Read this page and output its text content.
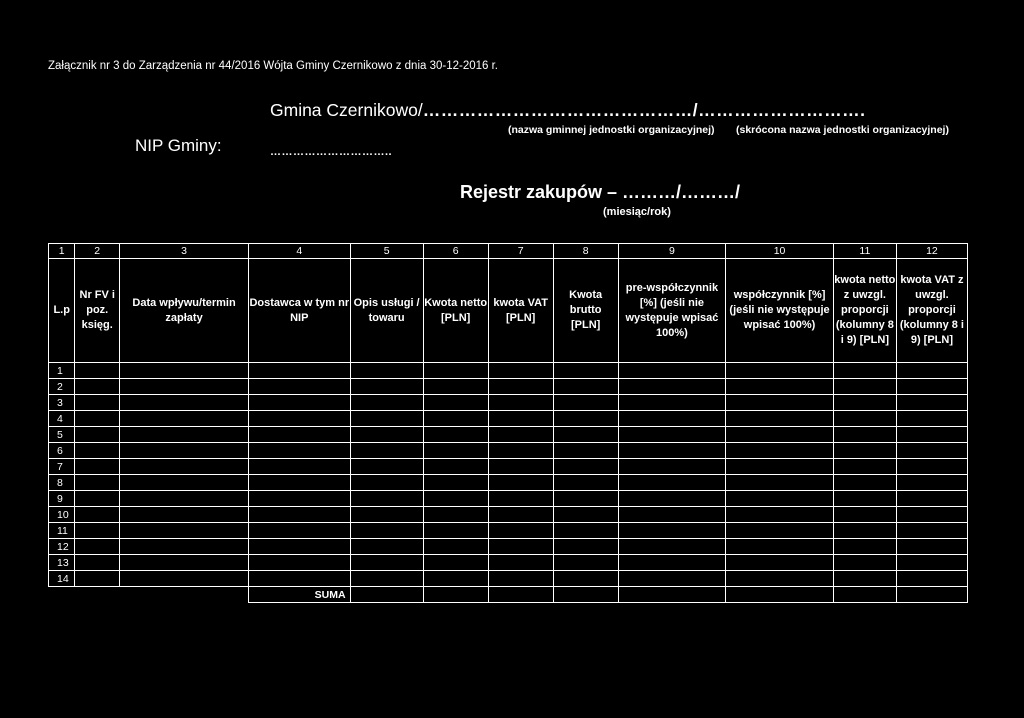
Załącznik nr 3 do Zarządzenia nr 44/2016 Wójta Gminy Czernikowo z dnia 30-12-2016 r.
Gmina Czernikowo/………………………………………/……………………….
(nazwa gminnej jednostki organizacyjnej) (skrócona nazwa jednostki organizacyjnej)
NIP Gminy:	…………………………..
Rejestr zakupów – ………/………/
(miesiąc/rok)
1	2	3	4	5	6	7	8	9	10	11	12
L.p	Nr FV i poz. księg.	Data wpływu/termin zapłaty	Dostawca w tym nr NIP	Opis usługi / towaru	Kwota netto [PLN]	kwota VAT [PLN]	Kwota brutto [PLN]	pre-współczynnik [%] (jeśli nie występuje wpisać 100%)	współczynnik [%] (jeśli nie występuje wpisać 100%)	kwota netto z uwzgl. proporcji (kolumny 8 i 9) [PLN]	kwota VAT z uwzgl. proporcji (kolumny 8 i 9) [PLN]
1											
2											
3											
4											
5											
6											
7											
8											
9											
10											
11											
12											
13											
14											
			SUMA								
